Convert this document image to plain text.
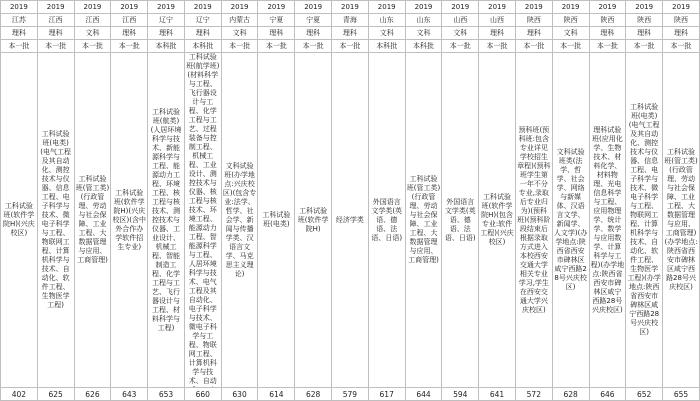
2019	2019	2019	2019	2019	2019	2019	2019	2019	2019	2019	2019	2019	2019	2019	2019	2019	2019	2019
江苏	江西	江西	江西	辽宁	辽宁	内蒙古	宁夏	宁夏	青海	山东	山东	山西	山西	陕西	陕西	陕西	陕西	陕西
理科	理科	文科	理科	理科	理科	文科	理科	理科	理科	文科	文科	文科	理科	理科	文科	理科	理科	理科
本一批	本一批	本一批	本一批	本科批	本科批	本一批	本一批	本一批	本一批	本科批	本科批	本一批	本一批	本一批	本一批	本一批	本一批	本一批

工科试验班(软件学院H)(兴庆校区)	工科试验班(电类)(电气工程及其自动化、测控技术与仪器、信息工程、电子科学与技术、微电子科学与工程、物联网工程、计算机科学与技术、自动化、软件工程、生物医学工程)	工科试验班(管工类)(行政管理、劳动与社会保障、工业工程、大数据管理与应用、工商管理)	工科试验班(软件学院H)(兴庆校区)(含中外合作办学软件招生专业)	工科试验班(航类)(人居环境科学与技术、新能源科学与工程、能源动力工程、环境工程、核工程与核技术、测控技术与仪器、工业设计、机械工程、智能制造工程、化学工程与工艺、飞行器设计与工程、材料科学与工程)	工科试验班(航学班)(材料科学与工程、飞行器设计与工程、化学工程与工艺、过程装备与控制工程、机械工程、工业设计、测控技术与仪器、核工程与核技术、环境工程、能源动力工程、智能源科学与工程、人居环境科学与技术、电气工程及其自动化、电子科学与技术、微电子科学与工程、物联网工程、计算机科学与技术、自动	文科试验班(办学地点:兴庆校区)(包含专业:法学、哲学、社会学、新闻与传播学类、汉语言文学、马克思主义理论)	工科试验班(电类)	工科试验班(软件学院H)	经济学类	外国语言文学类(英语、德语、法语、日语)	工科试验班(管工类)(行政管理、劳动与社会保障、工业工程、大数据管理与应用、工商管理)	外国语言文学类(英语、德语、法语、日语)	工科试验班(软件学院H)(包含专业:软件工程)(兴庆校区)	预科班(预科班:包含专业详见学校招生章程)(预科班学生第一年不分专业,录取后专业归为)(预科班)(预科阶段结束后根据录取方式进入本校西安交通大学相关专业学习,学生在西安交通大学兴庆校区)	文科试验班类(法学、哲学、社会学、网络与新媒体、汉语言文学、新闻学、人文学)(办学地点:陕西省西安市碑林区咸宁西路28号兴庆校区)	理科试验班(应用化学、生物技术、材料化学、材料物理、光电信息科学与工程、应用物理学、统计学、数学与应用数学、计算科学与工程)(办学地点:陕西省西安市碑林区咸宁西路28号兴庆校区)	工科试验班(电类)(电气工程及其自动化、测控技术与仪器、信息工程、电子科学与技术、微电子科学与工程、物联网工程、计算机科学与技术、自动化、软件工程、生物医学工程)(办学地点:陕西省西安市碑林区咸宁西路28号兴庆校区)	工科试验班(管工类)(行政管理、劳动与社会保障、工业工程、大数据管理与应用、工商管理)(办学地点:陕西省西安市碑林区咸宁西路28号兴庆校区)

402	625	626	643	653	660	630	614	628	579	617	644	594	641	572	628	646	652	655
